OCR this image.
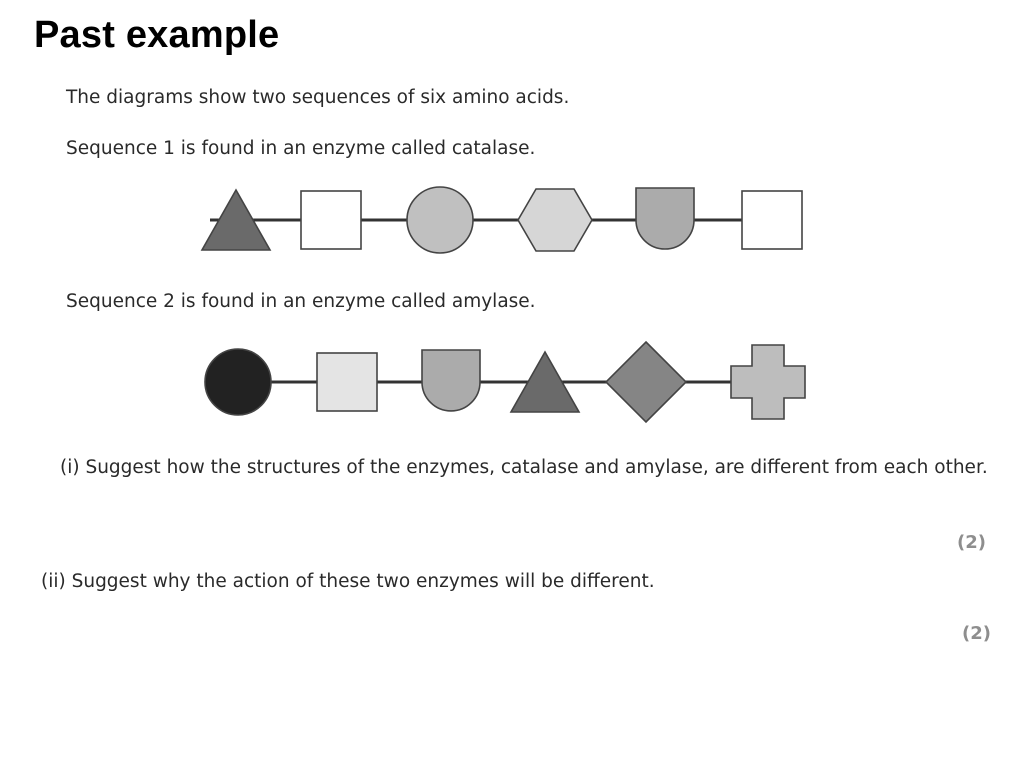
Past example
The diagrams show two sequences of six amino acids.
Sequence 1 is found in an enzyme called catalase.
Sequence 2 is found in an enzyme called amylase.
(i) Suggest how the structures of the enzymes, catalase and amylase, are different from each other.
(2)
(ii) Suggest why the action of these two enzymes will be different.
(2)
